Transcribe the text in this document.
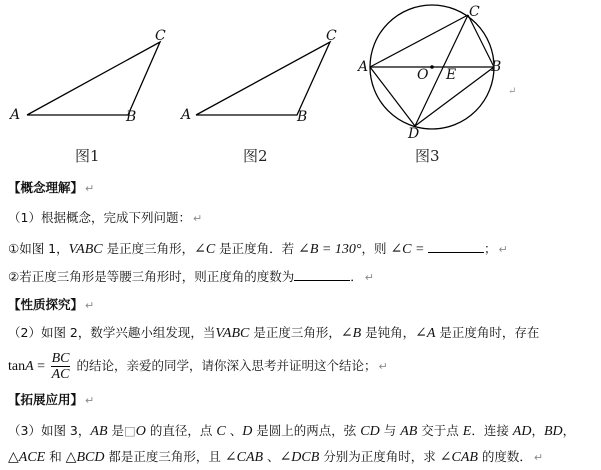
A	B
C
图1
A	B
C
图2
↵
A	B
C
D
O E
图3
【概念理解】 ↵
（1）根据概念，完成下列问题： ↵
①如图 1，VABC 是正度三角形，∠C 是正度角．若 ∠B = 130°，则 ∠C =	； ↵
②若正度三角形是等腰三角形时，则正度角的度数为	． ↵
【性质探究】 ↵
（2）如图 2，数学兴趣小组发现，当VABC 是正度三角形，∠B 是钝角，∠A 是正度角时，存在
$\tan A = \frac{BC}{AC}$ 的结论，亲爱的同学，请你深入思考并证明这个结论； ↵
【拓展应用】 ↵
（3）如图 3，AB 是□O 的直径，点 C 、D 是圆上的两点，弦 CD 与 AB 交于点 E．连接 AD，BD，
△ACE 和 △BCD 都是正度三角形，且 ∠CAB 、∠DCB 分别为正度角时，求 ∠CAB 的度数． ↵
